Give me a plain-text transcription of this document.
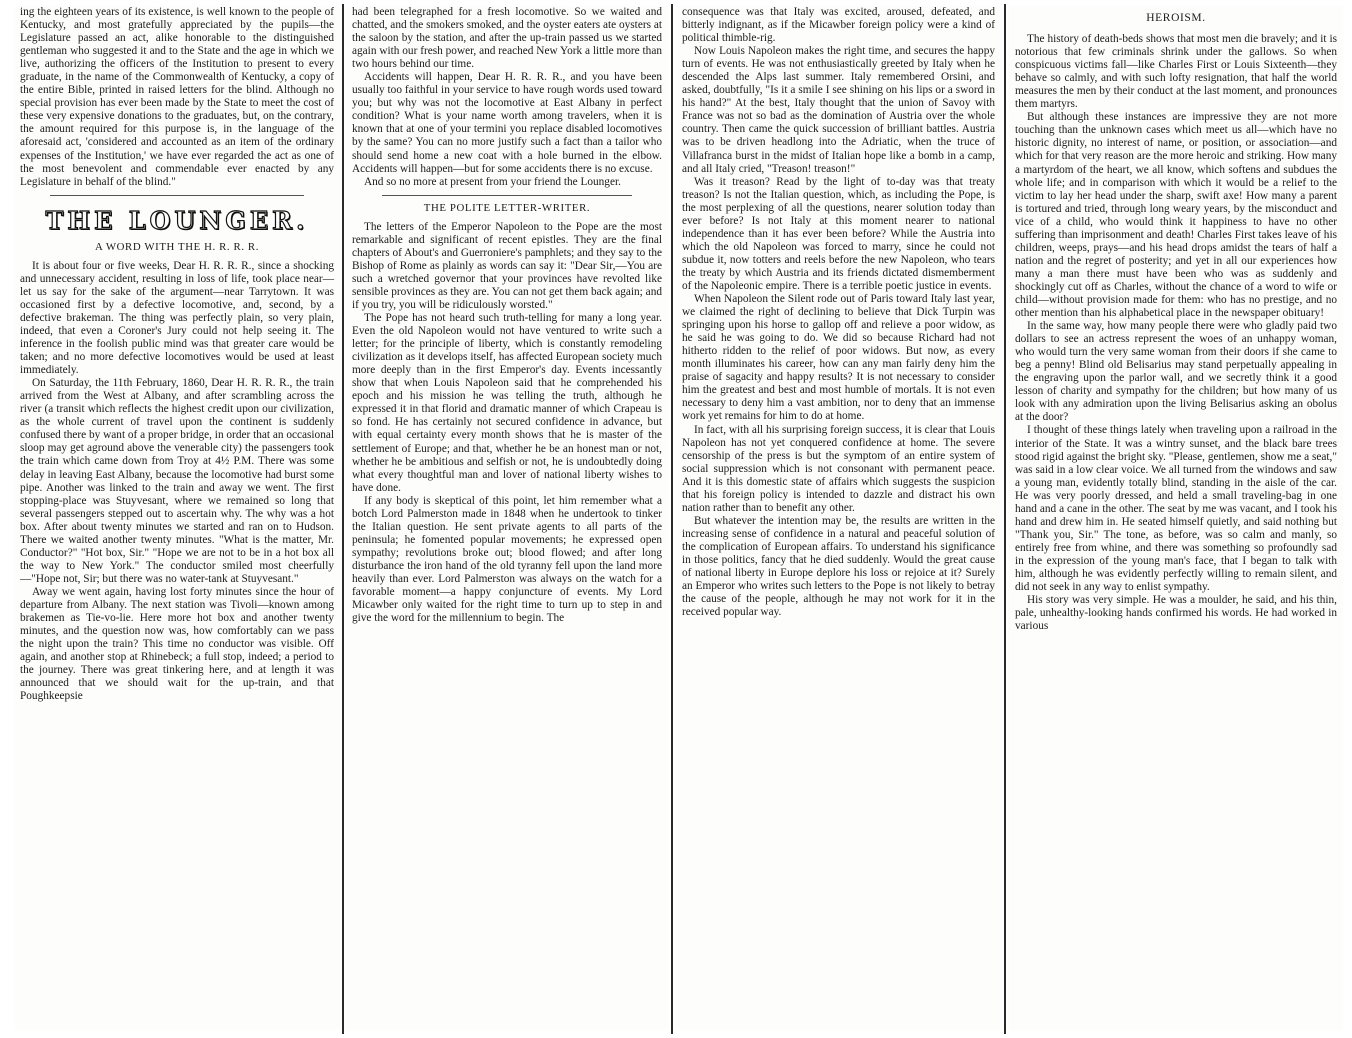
ing the eighteen years of its existence, is well known to the people of Kentucky, and most gratefully appreciated by the pupils—the Legislature passed an act, alike honorable to the distinguished gentleman who suggested it and to the State and the age in which we live, authorizing the officers of the Institution to present to every graduate, in the name of the Commonwealth of Kentucky, a copy of the entire Bible, printed in raised letters for the blind. Although no special provision has ever been made by the State to meet the cost of these very expensive donations to the graduates, but, on the contrary, the amount required for this purpose is, in the language of the aforesaid act, 'considered and accounted as an item of the ordinary expenses of the Institution,' we have ever regarded the act as one of the most benevolent and commendable ever enacted by any Legislature in behalf of the blind."

THE LOUNGER.
A WORD WITH THE H. R. R. R.

It is about four or five weeks, Dear H. R. R. R., since a shocking and unnecessary accident, resulting in loss of life, took place near—let us say for the sake of the argument—near Tarrytown. It was occasioned first by a defective locomotive, and, second, by a defective brakeman. The thing was perfectly plain, so very plain, indeed, that even a Coroner's Jury could not help seeing it. The inference in the foolish public mind was that greater care would be taken; and no more defective locomotives would be used at least immediately.

On Saturday, the 11th February, 1860, Dear H. R. R. R., the train arrived from the West at Albany, and after scrambling across the river (a transit which reflects the highest credit upon our civilization, as the whole current of travel upon the continent is suddenly confused there by want of a proper bridge, in order that an occasional sloop may get aground above the venerable city) the passengers took the train which came down from Troy at 4½ P.M. There was some delay in leaving East Albany, because the locomotive had burst some pipe. Another was linked to the train and away we went. The first stopping-place was Stuyvesant, where we remained so long that several passengers stepped out to ascertain why. The why was a hot box. After about twenty minutes we started and ran on to Hudson. There we waited another twenty minutes. "What is the matter, Mr. Conductor?" "Hot box, Sir." "Hope we are not to be in a hot box all the way to New York." The conductor smiled most cheerfully—"Hope not, Sir; but there was no water-tank at Stuyvesant."

Away we went again, having lost forty minutes since the hour of departure from Albany. The next station was Tivoli—known among brakemen as Tie-vo-lie. Here more hot box and another twenty minutes, and the question now was, how comfortably can we pass the night upon the train? This time no conductor was visible. Off again, and another stop at Rhinebeck; a full stop, indeed; a period to the journey. There was great tinkering here, and at length it was announced that we should wait for the up-train, and that Poughkeepsie

had been telegraphed for a fresh locomotive. So we waited and chatted, and the smokers smoked, and the oyster eaters ate oysters at the saloon by the station, and after the up-train passed us we started again with our fresh power, and reached New York a little more than two hours behind our time.

Accidents will happen, Dear H. R. R. R., and you have been usually too faithful in your service to have rough words used toward you; but why was not the locomotive at East Albany in perfect condition? What is your name worth among travelers, when it is known that at one of your termini you replace disabled locomotives by the same? You can no more justify such a fact than a tailor who should send home a new coat with a hole burned in the elbow. Accidents will happen—but for some accidents there is no excuse.

And so no more at present from your friend the Lounger.

THE POLITE LETTER-WRITER.

The letters of the Emperor Napoleon to the Pope are the most remarkable and significant of recent epistles. They are the final chapters of About's and Guerroniere's pamphlets; and they say to the Bishop of Rome as plainly as words can say it: "Dear Sir,—You are such a wretched governor that your provinces have revolted like sensible provinces as they are. You can not get them back again; and if you try, you will be ridiculously worsted."

The Pope has not heard such truth-telling for many a long year. Even the old Napoleon would not have ventured to write such a letter; for the principle of liberty, which is constantly remodeling civilization as it develops itself, has affected European society much more deeply than in the first Emperor's day. Events incessantly show that when Louis Napoleon said that he comprehended his epoch and his mission he was telling the truth, although he expressed it in that florid and dramatic manner of which Crapeau is so fond. He has certainly not secured confidence in advance, but with equal certainty every month shows that he is master of the settlement of Europe; and that, whether he be an honest man or not, whether he be ambitious and selfish or not, he is undoubtedly doing what every thoughtful man and lover of national liberty wishes to have done.

If any body is skeptical of this point, let him remember what a botch Lord Palmerston made in 1848 when he undertook to tinker the Italian question. He sent private agents to all parts of the peninsula; he fomented popular movements; he expressed open sympathy; revolutions broke out; blood flowed; and after long disturbance the iron hand of the old tyranny fell upon the land more heavily than ever. Lord Palmerston was always on the watch for a favorable moment—a happy conjuncture of events. My Lord Micawber only waited for the right time to turn up to step in and give the word for the millennium to begin. The

consequence was that Italy was excited, aroused, defeated, and bitterly indignant, as if the Micawber foreign policy were a kind of political thimble-rig.

Now Louis Napoleon makes the right time, and secures the happy turn of events. He was not enthusiastically greeted by Italy when he descended the Alps last summer. Italy remembered Orsini, and asked, doubtfully, "Is it a smile I see shining on his lips or a sword in his hand?" At the best, Italy thought that the union of Savoy with France was not so bad as the domination of Austria over the whole country. Then came the quick succession of brilliant battles. Austria was to be driven headlong into the Adriatic, when the truce of Villafranca burst in the midst of Italian hope like a bomb in a camp, and all Italy cried, "Treason! treason!"

Was it treason? Read by the light of to-day was that treaty treason? Is not the Italian question, which, as including the Pope, is the most perplexing of all the questions, nearer solution today than ever before? Is not Italy at this moment nearer to national independence than it has ever been before? While the Austria into which the old Napoleon was forced to marry, since he could not subdue it, now totters and reels before the new Napoleon, who tears the treaty by which Austria and its friends dictated dismemberment of the Napoleonic empire. There is a terrible poetic justice in events.

When Napoleon the Silent rode out of Paris toward Italy last year, we claimed the right of declining to believe that Dick Turpin was springing upon his horse to gallop off and relieve a poor widow, as he said he was going to do. We did so because Richard had not hitherto ridden to the relief of poor widows. But now, as every month illuminates his career, how can any man fairly deny him the praise of sagacity and happy results? It is not necessary to consider him the greatest and best and most humble of mortals. It is not even necessary to deny him a vast ambition, nor to deny that an immense work yet remains for him to do at home.

In fact, with all his surprising foreign success, it is clear that Louis Napoleon has not yet conquered confidence at home. The severe censorship of the press is but the symptom of an entire system of social suppression which is not consonant with permanent peace. And it is this domestic state of affairs which suggests the suspicion that his foreign policy is intended to dazzle and distract his own nation rather than to benefit any other.

But whatever the intention may be, the results are written in the increasing sense of confidence in a natural and peaceful solution of the complication of European affairs. To understand his significance in those politics, fancy that he died suddenly. Would the great cause of national liberty in Europe deplore his loss or rejoice at it? Surely an Emperor who writes such letters to the Pope is not likely to betray the cause of the people, although he may not work for it in the received popular way.

HEROISM.

The history of death-beds shows that most men die bravely; and it is notorious that few criminals shrink under the gallows. So when conspicuous victims fall—like Charles First or Louis Sixteenth—they behave so calmly, and with such lofty resignation, that half the world measures the men by their conduct at the last moment, and pronounces them martyrs.

But although these instances are impressive they are not more touching than the unknown cases which meet us all—which have no historic dignity, no interest of name, or position, or association—and which for that very reason are the more heroic and striking. How many a martyrdom of the heart, we all know, which softens and subdues the whole life; and in comparison with which it would be a relief to the victim to lay her head under the sharp, swift axe! How many a parent is tortured and tried, through long weary years, by the misconduct and vice of a child, who would think it happiness to have no other suffering than imprisonment and death! Charles First takes leave of his children, weeps, prays—and his head drops amidst the tears of half a nation and the regret of posterity; and yet in all our experiences how many a man there must have been who was as suddenly and shockingly cut off as Charles, without the chance of a word to wife or child—without provision made for them: who has no prestige, and no other mention than his alphabetical place in the newspaper obituary!

In the same way, how many people there were who gladly paid two dollars to see an actress represent the woes of an unhappy woman, who would turn the very same woman from their doors if she came to beg a penny! Blind old Belisarius may stand perpetually appealing in the engraving upon the parlor wall, and we secretly think it a good lesson of charity and sympathy for the children; but how many of us look with any admiration upon the living Belisarius asking an obolus at the door?

I thought of these things lately when traveling upon a railroad in the interior of the State. It was a wintry sunset, and the black bare trees stood rigid against the bright sky. "Please, gentlemen, show me a seat," was said in a low clear voice. We all turned from the windows and saw a young man, evidently totally blind, standing in the aisle of the car. He was very poorly dressed, and held a small traveling-bag in one hand and a cane in the other. The seat by me was vacant, and I took his hand and drew him in. He seated himself quietly, and said nothing but "Thank you, Sir." The tone, as before, was so calm and manly, so entirely free from whine, and there was something so profoundly sad in the expression of the young man's face, that I began to talk with him, although he was evidently perfectly willing to remain silent, and did not seek in any way to enlist sympathy.

His story was very simple. He was a moulder, he said, and his thin, pale, unhealthy-looking hands confirmed his words. He had worked in various
